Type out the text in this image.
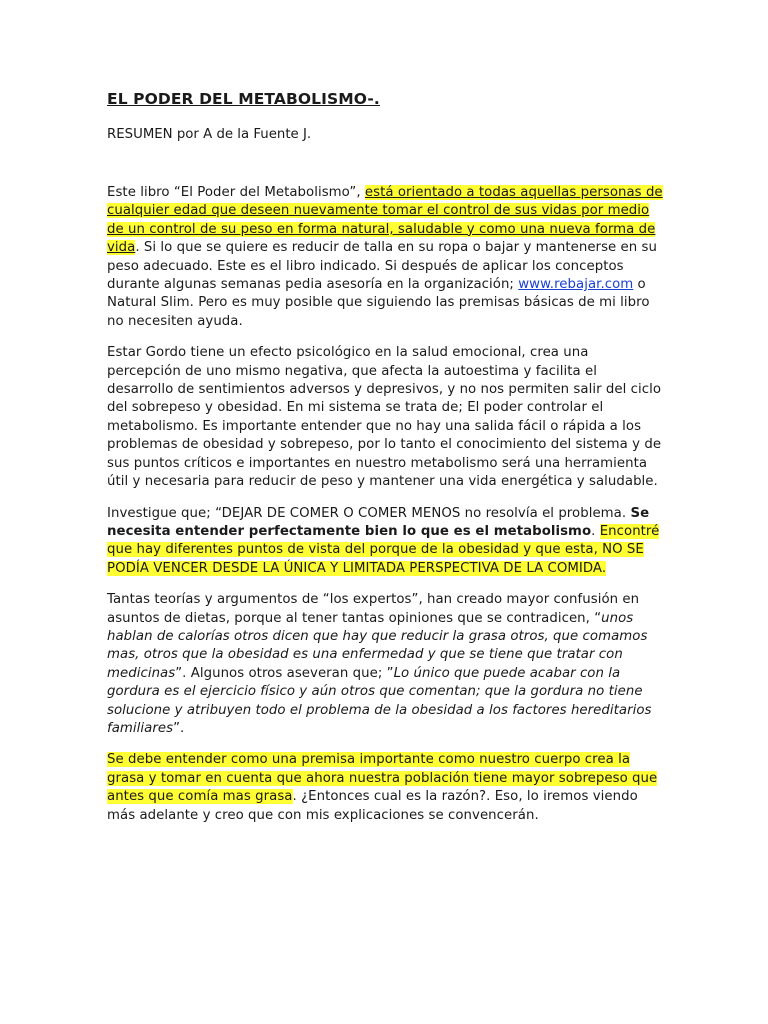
EL PODER DEL METABOLISMO-.
RESUMEN por A de la Fuente J.

Este libro “El Poder del Metabolismo”, está orientado a todas aquellas personas de cualquier edad que deseen nuevamente tomar el control de sus vidas por medio de un control de su peso en forma natural, saludable y como una nueva forma de vida. Si lo que se quiere es reducir de talla en su ropa o bajar y mantenerse en su peso adecuado. Este es el libro indicado. Si después de aplicar los conceptos durante algunas semanas pedia asesoría en la organización; www.rebajar.com o Natural Slim. Pero es muy posible que siguiendo las premisas básicas de mi libro no necesiten ayuda.

Estar Gordo tiene un efecto psicológico en la salud emocional, crea una percepción de uno mismo negativa, que afecta la autoestima y facilita el desarrollo de sentimientos adversos y depresivos, y no nos permiten salir del ciclo del sobrepeso y obesidad. En mi sistema se trata de; El poder controlar el metabolismo. Es importante entender que no hay una salida fácil o rápida a los problemas de obesidad y sobrepeso, por lo tanto el conocimiento del sistema y de sus puntos críticos e importantes en nuestro metabolismo será una herramienta útil y necesaria para reducir de peso y mantener una vida energética y saludable.

Investigue que; “DEJAR DE COMER O COMER MENOS no resolvía el problema. Se necesita entender perfectamente bien lo que es el metabolismo. Encontré que hay diferentes puntos de vista del porque de la obesidad y que esta, NO SE PODÍA VENCER DESDE LA ÚNICA Y LIMITADA PERSPECTIVA DE LA COMIDA.

Tantas teorías y argumentos de “los expertos”, han creado mayor confusión en asuntos de dietas, porque al tener tantas opiniones que se contradicen, “unos hablan de calorías otros dicen que hay que reducir la grasa otros, que comamos mas, otros que la obesidad es una enfermedad y que se tiene que tratar con medicinas”. Algunos otros aseveran que; ”Lo único que puede acabar con la gordura es el ejercicio físico y aún otros que comentan; que la gordura no tiene solucione y atribuyen todo el problema de la obesidad a los factores hereditarios familiares”.

Se debe entender como una premisa importante como nuestro cuerpo crea la grasa y tomar en cuenta que ahora nuestra población tiene mayor sobrepeso que antes que comía mas grasa. ¿Entonces cual es la razón?. Eso, lo iremos viendo más adelante y creo que con mis explicaciones se convencerán.
